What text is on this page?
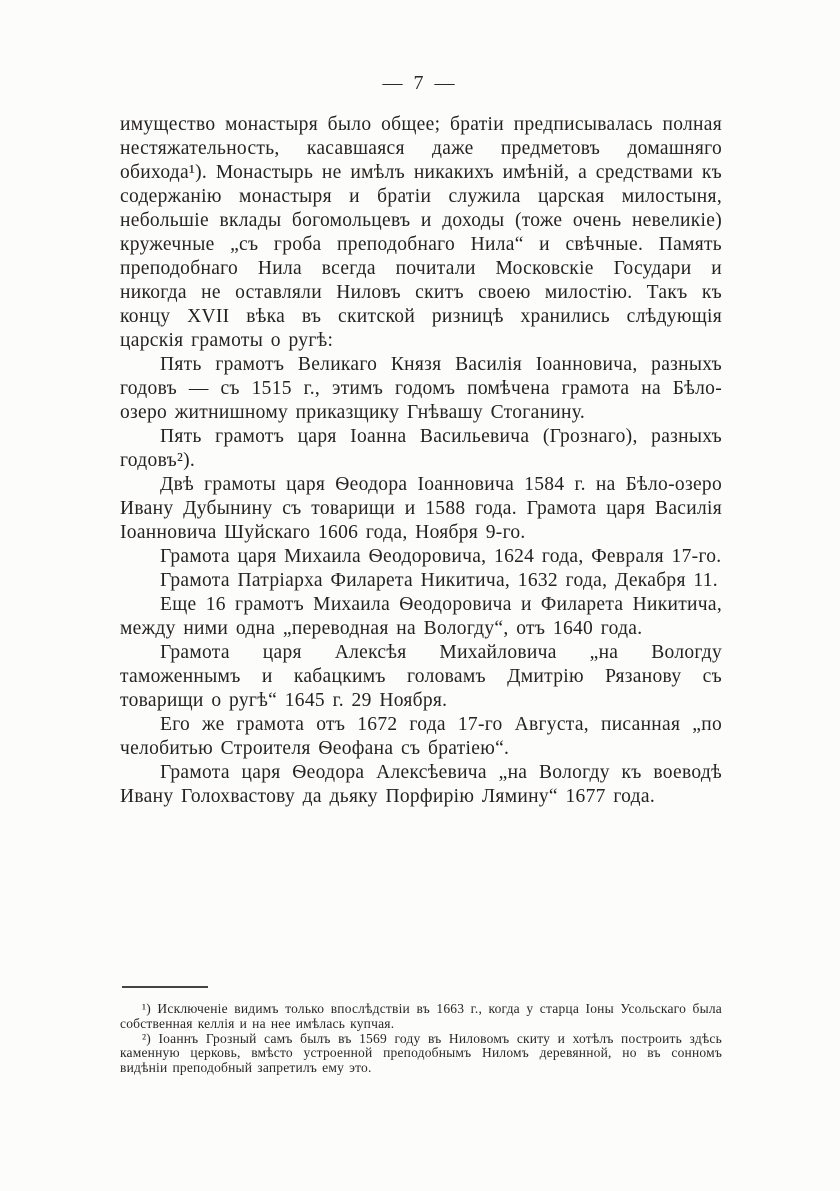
— 7 —

имущество монастыря было общее; братіи предписывалась полная нестяжательность, касавшаяся даже предметовъ домашняго обихода¹). Монастырь не имѣлъ никакихъ имѣній, а средствами къ содержанію монастыря и братіи служила царская милостыня, небольшіе вклады богомольцевъ и доходы (тоже очень невеликіе) кружечные „съ гроба преподобнаго Нила“ и свѣчные. Память преподобнаго Нила всегда почитали Московскіе Государи и никогда не оставляли Ниловъ скитъ своею милостію. Такъ къ концу XVII вѣка въ скитской ризницѣ хранились слѣдующія царскія грамоты о ругѣ:

Пять грамотъ Великаго Князя Василія Іоанновича, разныхъ годовъ — съ 1515 г., этимъ годомъ помѣчена грамота на Бѣло-озеро житнишному приказщику Гнѣвашу Стоганину.

Пять грамотъ царя Іоанна Васильевича (Грознаго), разныхъ годовъ²).

Двѣ грамоты царя Ѳеодора Іоанновича 1584 г. на Бѣло-озеро Ивану Дубынину съ товарищи и 1588 года. Грамота царя Василія Іоанновича Шуйскаго 1606 года, Ноября 9-го.

Грамота царя Михаила Ѳеодоровича, 1624 года, Февраля 17-го.

Грамота Патріарха Филарета Никитича, 1632 года, Декабря 11.

Еще 16 грамотъ Михаила Ѳеодоровича и Филарета Никитича, между ними одна „переводная на Вологду“, отъ 1640 года.

Грамота царя Алексѣя Михайловича „на Вологду таможеннымъ и кабацкимъ головамъ Дмитрію Рязанову съ товарищи о ругѣ“ 1645 г. 29 Ноября.

Его же грамота отъ 1672 года 17-го Августа, писанная „по челобитью Строителя Ѳеофана съ братіею“.

Грамота царя Ѳеодора Алексѣевича „на Вологду къ воеводѣ Ивану Голохвастову да дьяку Порфирію Лямину“ 1677 года.

¹) Исключеніе видимъ только впослѣдствіи въ 1663 г., когда у старца Іоны Усольскаго была собственная келлія и на нее имѣлась купчая.

²) Іоаннъ Грозный самъ былъ въ 1569 году въ Ниловомъ скиту и хотѣлъ построить здѣсь каменную церковь, вмѣсто устроенной преподобнымъ Ниломъ деревянной, но въ сонномъ видѣніи преподобный запретилъ ему это.
